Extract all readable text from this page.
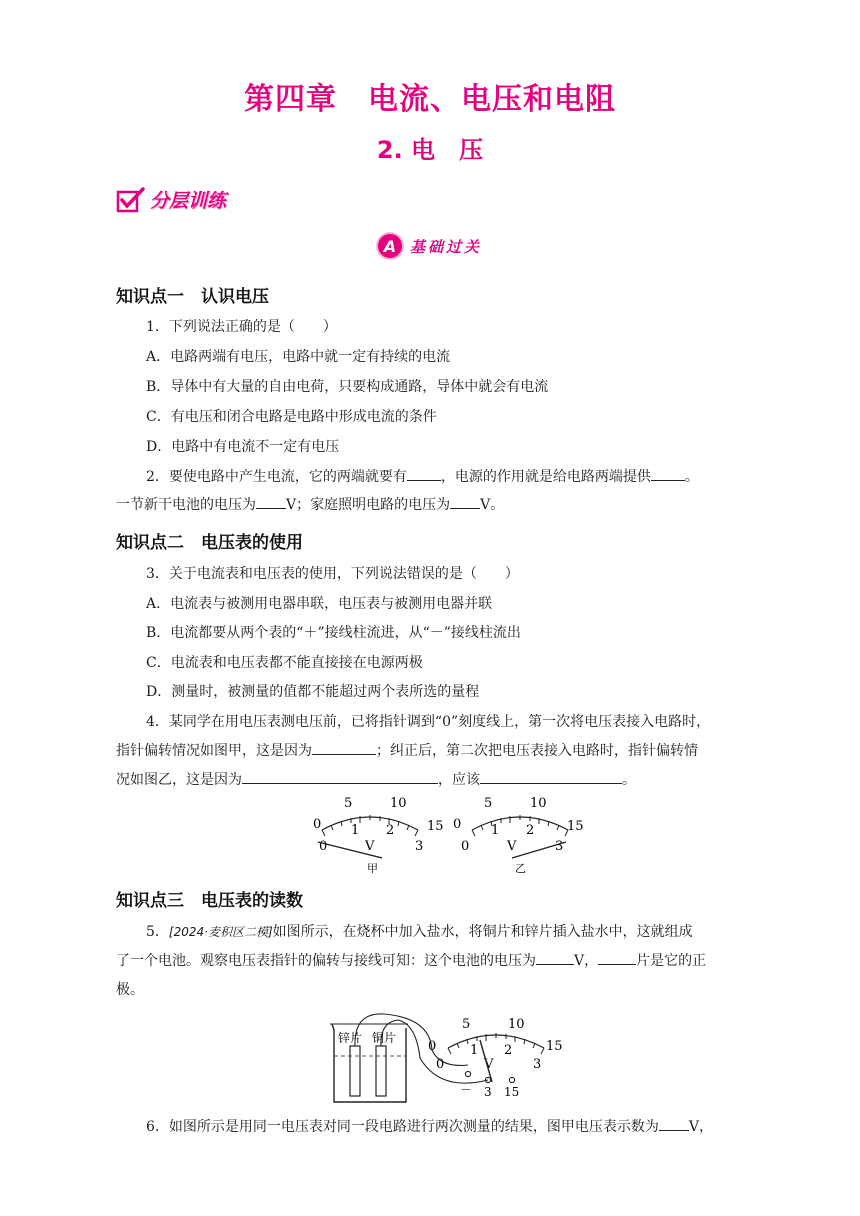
第四章　电流、电压和电阻
2. 电　压
分层训练
A 基础过关
知识点一　认识电压
1．下列说法正确的是（　　）
A．电路两端有电压，电路中就一定有持续的电流
B．导体中有大量的自由电荷，只要构成通路，导体中就会有电流
C．有电压和闭合电路是电路中形成电流的条件
D．电路中有电流不一定有电压
2．要使电路中产生电流，它的两端就要有 ，电源的作用就是给电路两端提供 。
一节新干电池的电压为 V；家庭照明电路的电压为 V。
知识点二　电压表的使用
3．关于电流表和电压表的使用，下列说法错误的是（　　）
A．电流表与被测用电器串联，电压表与被测用电器并联
B．电流都要从两个表的“＋”接线柱流进，从“－”接线柱流出
C．电流表和电压表都不能直接接在电源两极
D．测量时，被测量的值都不能超过两个表所选的量程
4．某同学在用电压表测电压前，已将指针调到“0”刻度线上，第一次将电压表接入电路时，
指针偏转情况如图甲，这是因为	；纠正后，第二次把电压表接入电路时，指针偏转情
况如图乙，这是因为	，应该	。
0
5	10
15
0
1 2
3
V
甲
0
5	10
15
0
1 2
3
V
乙
知识点三　电压表的读数
5．[2024·麦积区二模]如图所示，在烧杯中加入盐水，将铜片和锌片插入盐水中，这就组成
了一个电池。观察电压表指针的偏转与接线可知：这个电池的电压为	V，	片是它的正
极。
锌片 铜片
0
5	10
15
0
1 2
3
V
－ 3 15
6．如图所示是用同一电压表对同一段电路进行两次测量的结果，图甲电压表示数为 V，
